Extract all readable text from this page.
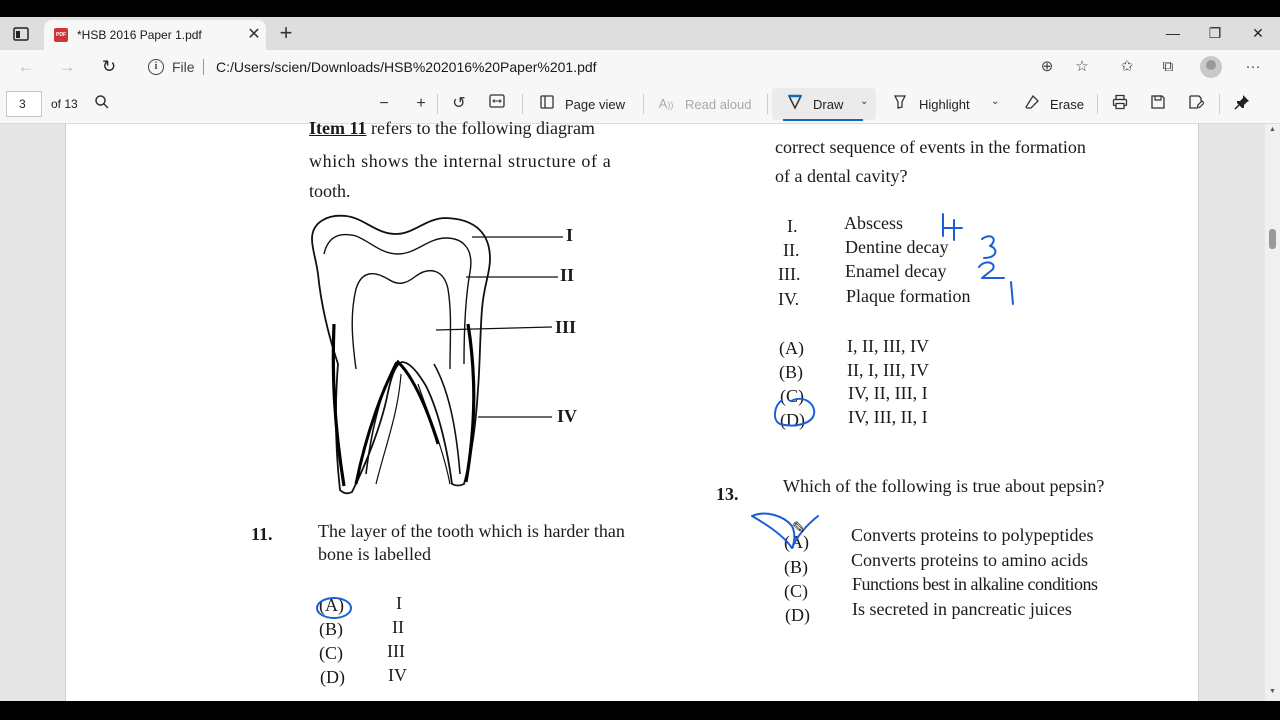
PDF *HSB 2016 Paper 1.pdf	✕ +	—	❐	✕
← → ↻	i	File C:/Users/scien/Downloads/HSB%202016%20Paper%201.pdf	⊕ ☆ ✩	⧉	···
3	of 13	−	+	↺	Page view	A)) Read aloud	Draw ⌄	Highlight ⌄	Erase
Item 11 refers to the following diagram
which shows the internal structure of a
tooth.
I
II
III
IV
11.	The layer of the tooth which is harder than
bone is labelled
(A)	I
(B)	II
(C) III
(D) IV
correct sequence of events in the formation
of a dental cavity?
I.	Abscess
II.	Dentine decay
III. Enamel decay
IV.	Plaque formation
(A) I, II, III, IV
(B) II, I, III, IV
(C) IV, II, III, I
(D) IV, III, II, I
13. Which of the following is true about pepsin?
(A) Converts proteins to polypeptides
(B) Converts proteins to amino acids
(C) Functions best in alkaline conditions
(D) Is secreted in pancreatic juices
✎
▲
▼
